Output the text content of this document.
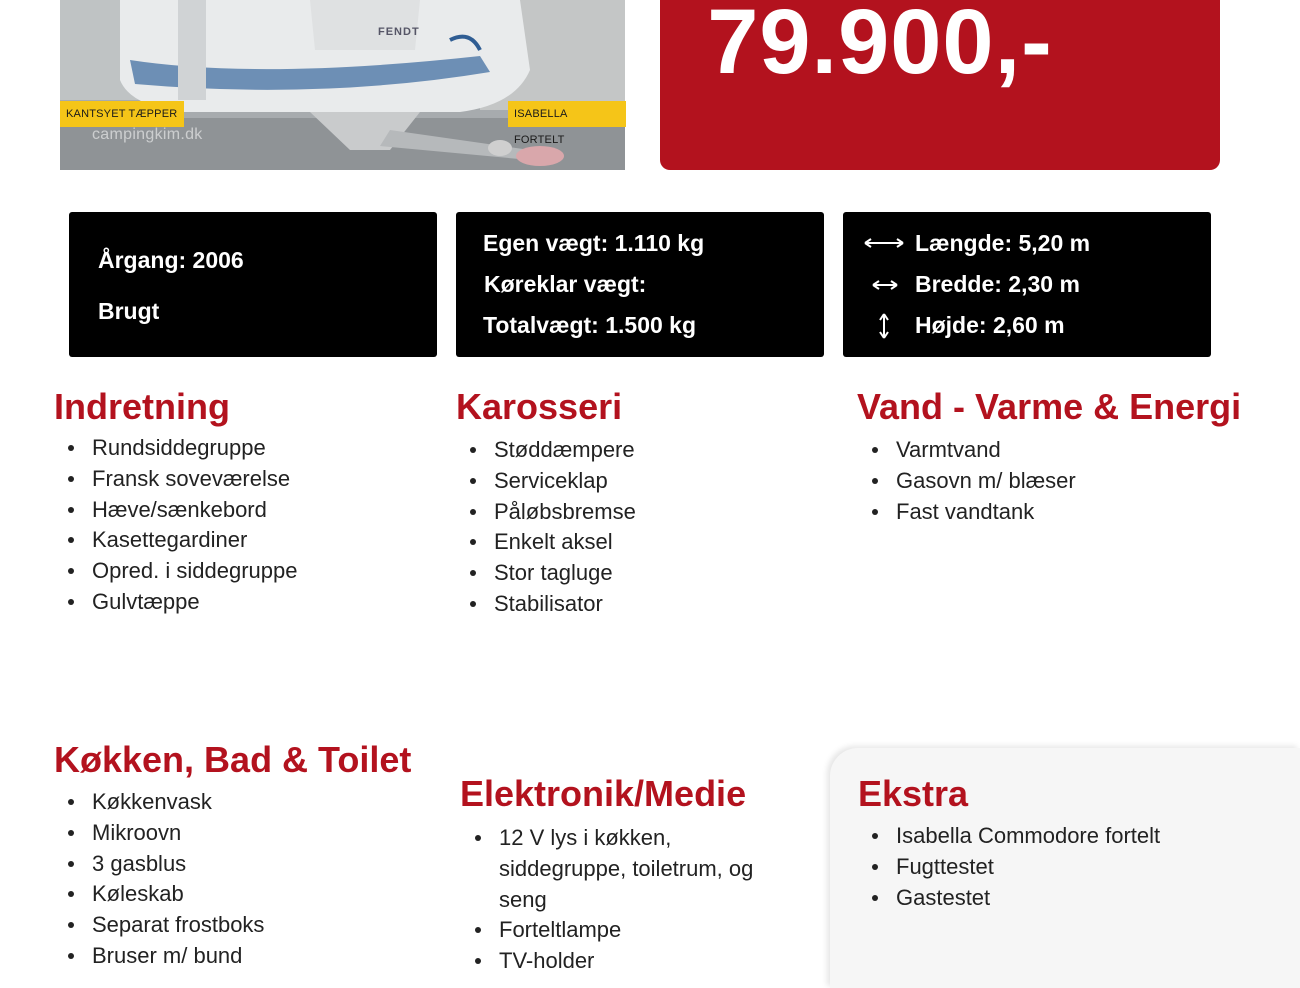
FENDT
KANTSYET TÆPPER	ISABELLA FORTELT
campingkim.dk
79.900,-
Årgang: 2006
Brugt
Egen vægt: 1.110 kg
Køreklar vægt:
Totalvægt: 1.500 kg
Længde: 5,20 m
Bredde: 2,30 m
Højde: 2,60 m
Indretning
Rundsiddegruppe
Fransk soveværelse
Hæve/sænkebord
Kasettegardiner
Opred. i siddegruppe
Gulvtæppe
Karosseri
Støddæmpere
Serviceklap
Påløbsbremse
Enkelt aksel
Stor tagluge
Stabilisator
Vand - Varme & Energi
Varmtvand
Gasovn m/ blæser
Fast vandtank
Køkken, Bad & Toilet
Køkkenvask
Mikroovn
3 gasblus
Køleskab
Separat frostboks
Bruser m/ bund
Elektronik/Medie
12 V lys i køkken, siddegruppe, toiletrum, og seng
Forteltlampe
TV-holder
Ekstra
Isabella Commodore fortelt
Fugttestet
Gastestet
